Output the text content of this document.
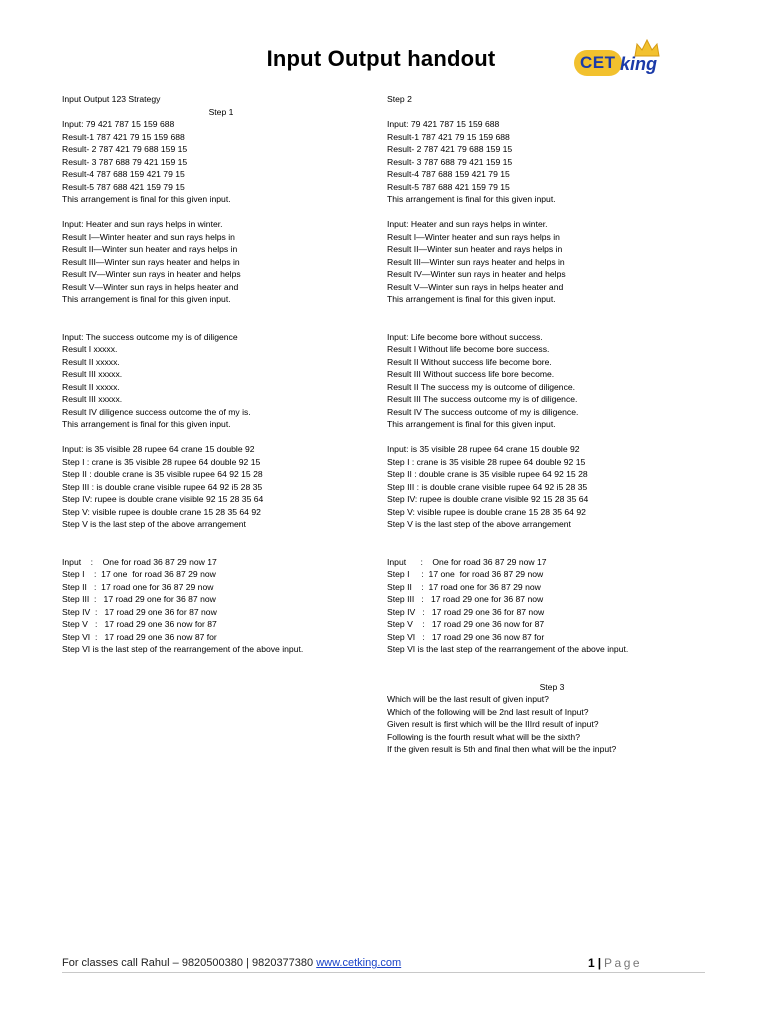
Input Output handout	CET king
Input Output 123 Strategy
Step 1
Input: 79 421 787 15 159 688
Result-1 787 421 79 15 159 688
Result- 2 787 421 79 688 159 15
Result- 3 787 688 79 421 159 15
Result-4 787 688 159 421 79 15
Result-5 787 688 421 159 79 15
This arrangement is final for this given input.
Input: Heater and sun rays helps in winter.
Result I—Winter heater and sun rays helps in
Result II—Winter sun heater and rays helps in
Result III—Winter sun rays heater and helps in
Result IV—Winter sun rays in heater and helps
Result V—Winter sun rays in helps heater and
This arrangement is final for this given input.
Input: The success outcome my is of diligence
Result I xxxxx.
Result II xxxxx.
Result III xxxxx.
Result II xxxxx.
Result III xxxxx.
Result IV diligence success outcome the of my is.
This arrangement is final for this given input.
Input: is 35 visible 28 rupee 64 crane 15 double 92
Step I : crane is 35 visible 28 rupee 64 double 92 15
Step II : double crane is 35 visible rupee 64 92 15 28
Step III : is double crane visible rupee 64 92 i5 28 35
Step IV: rupee is double crane visible 92 15 28 35 64
Step V: visible rupee is double crane 15 28 35 64 92
Step V is the last step of the above arrangement
Input    :    One for road 36 87 29 now 17
Step I    :  17 one  for road 36 87 29 now
Step II   :  17 road one for 36 87 29 now
Step III  :   17 road 29 one for 36 87 now
Step IV  :   17 road 29 one 36 for 87 now
Step V   :   17 road 29 one 36 now for 87
Step VI  :   17 road 29 one 36 now 87 for
Step VI is the last step of the rearrangement of the above input.
Step 2
Input: 79 421 787 15 159 688
Result-1 787 421 79 15 159 688
Result- 2 787 421 79 688 159 15
Result- 3 787 688 79 421 159 15
Result-4 787 688 159 421 79 15
Result-5 787 688 421 159 79 15
This arrangement is final for this given input.
Input: Heater and sun rays helps in winter.
Result I—Winter heater and sun rays helps in
Result II—Winter sun heater and rays helps in
Result III—Winter sun rays heater and helps in
Result IV—Winter sun rays in heater and helps
Result V—Winter sun rays in helps heater and
This arrangement is final for this given input.
Input: Life become bore without success.
Result I Without life become bore success.
Result II Without success life become bore.
Result III Without success life bore become.
Result II The success my is outcome of diligence.
Result III The success outcome my is of diligence.
Result IV The success outcome of my is diligence.
This arrangement is final for this given input.
Input: is 35 visible 28 rupee 64 crane 15 double 92
Step I : crane is 35 visible 28 rupee 64 double 92 15
Step II : double crane is 35 visible rupee 64 92 15 28
Step III : is double crane visible rupee 64 92 i5 28 35
Step IV: rupee is double crane visible 92 15 28 35 64
Step V: visible rupee is double crane 15 28 35 64 92
Step V is the last step of the above arrangement
Input      :    One for road 36 87 29 now 17
Step I     :  17 one  for road 36 87 29 now
Step II    :  17 road one for 36 87 29 now
Step III   :   17 road 29 one for 36 87 now
Step IV   :   17 road 29 one 36 for 87 now
Step V    :   17 road 29 one 36 now for 87
Step VI   :   17 road 29 one 36 now 87 for
Step VI is the last step of the rearrangement of the above input.
Step 3
Which will be the last result of given input?
Which of the following will be 2nd last result of Input?
Given result is first which will be the IIIrd result of input?
Following is the fourth result what will be the sixth?
If the given result is 5th and final then what will be the input?
For classes call Rahul – 9820500380 | 9820377380 www.cetking.com	1 | Page
